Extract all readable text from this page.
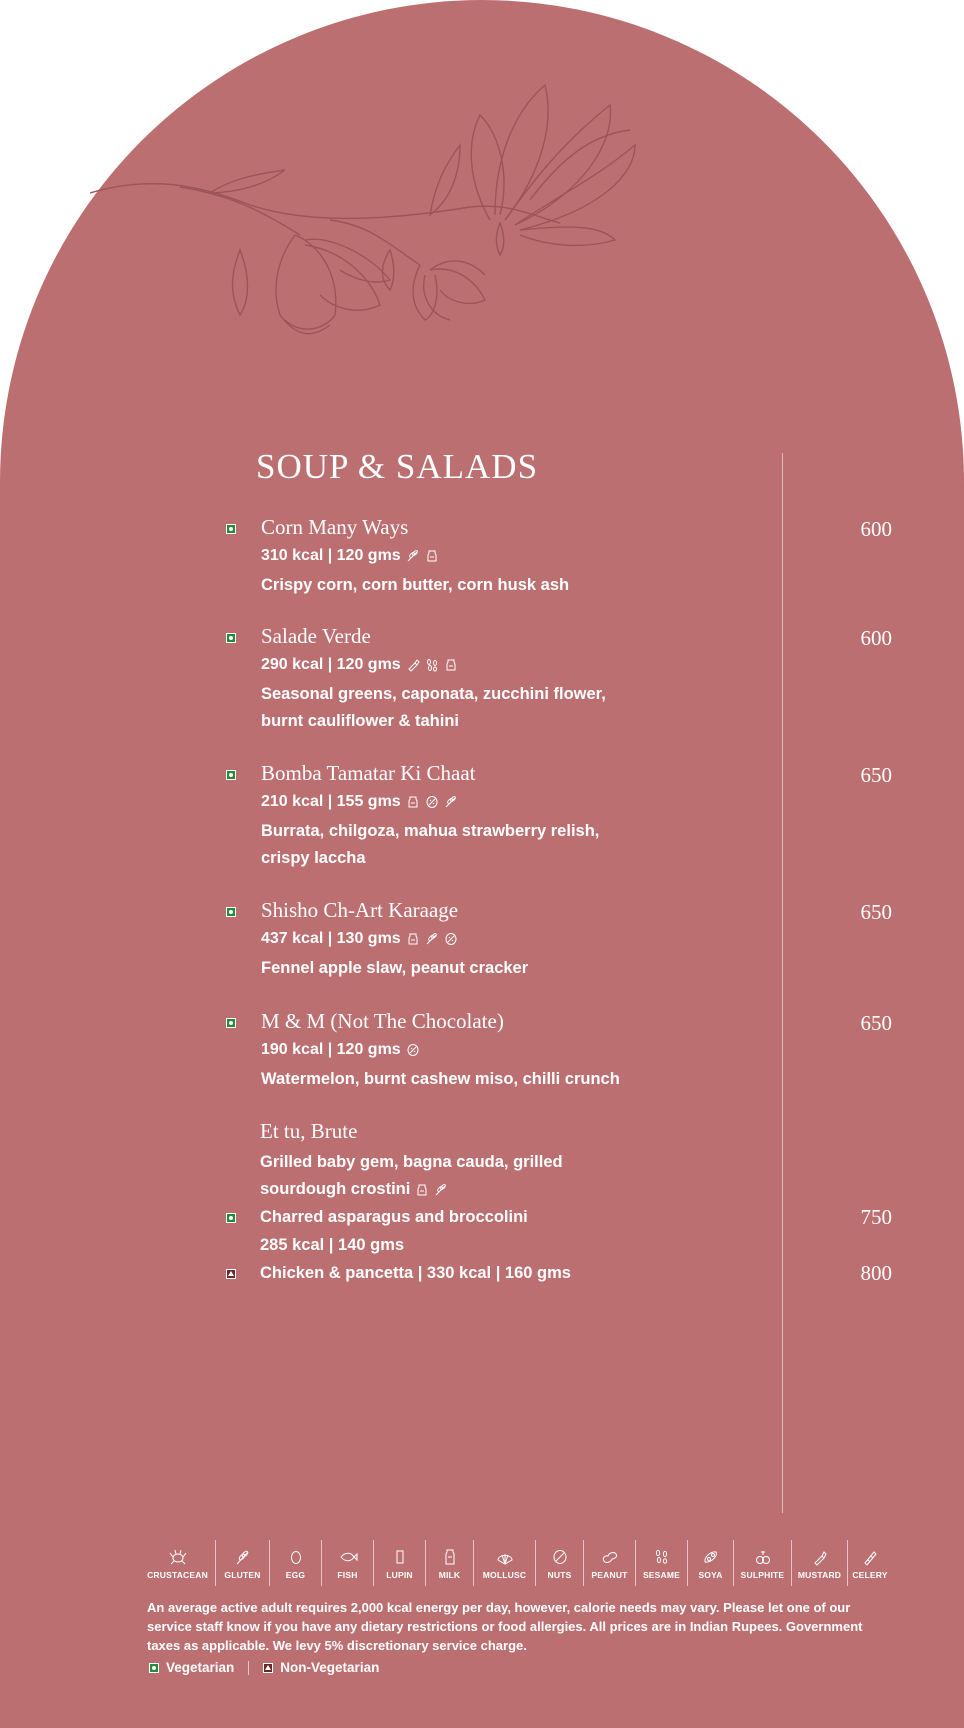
SOUP & SALADS
Corn Many Ways	600
310 kcal | 120 gms
Crispy corn, corn butter, corn husk ash
Salade Verde	600
290 kcal | 120 gms
Seasonal greens, caponata, zucchini flower,
burnt cauliflower & tahini
Bomba Tamatar Ki Chaat	650
210 kcal | 155 gms
Burrata, chilgoza, mahua strawberry relish,
crispy laccha
Shisho Ch-Art Karaage	650
437 kcal | 130 gms
Fennel apple slaw, peanut cracker
M & M (Not The Chocolate)	650
190 kcal | 120 gms
Watermelon, burnt cashew miso, chilli crunch
Et tu, Brute
Grilled baby gem, bagna cauda, grilled
sourdough crostini
Charred asparagus and broccolini	750
285 kcal | 140 gms
Chicken & pancetta | 330 kcal | 160 gms	800
CRUSTACEAN GLUTEN	EGG	FISH	LUPIN	MILK	MOLLUSC	NUTS PEANUT SESAME SOYA SULPHITE MUSTARD CELERY
An average active adult requires 2,000 kcal energy per day, however, calorie needs may vary. Please let one of our service staff know if you have any dietary restrictions or food allergies. All prices are in Indian Rupees. Government taxes as applicable. We levy 5% discretionary service charge.
Vegetarian	Non-Vegetarian
